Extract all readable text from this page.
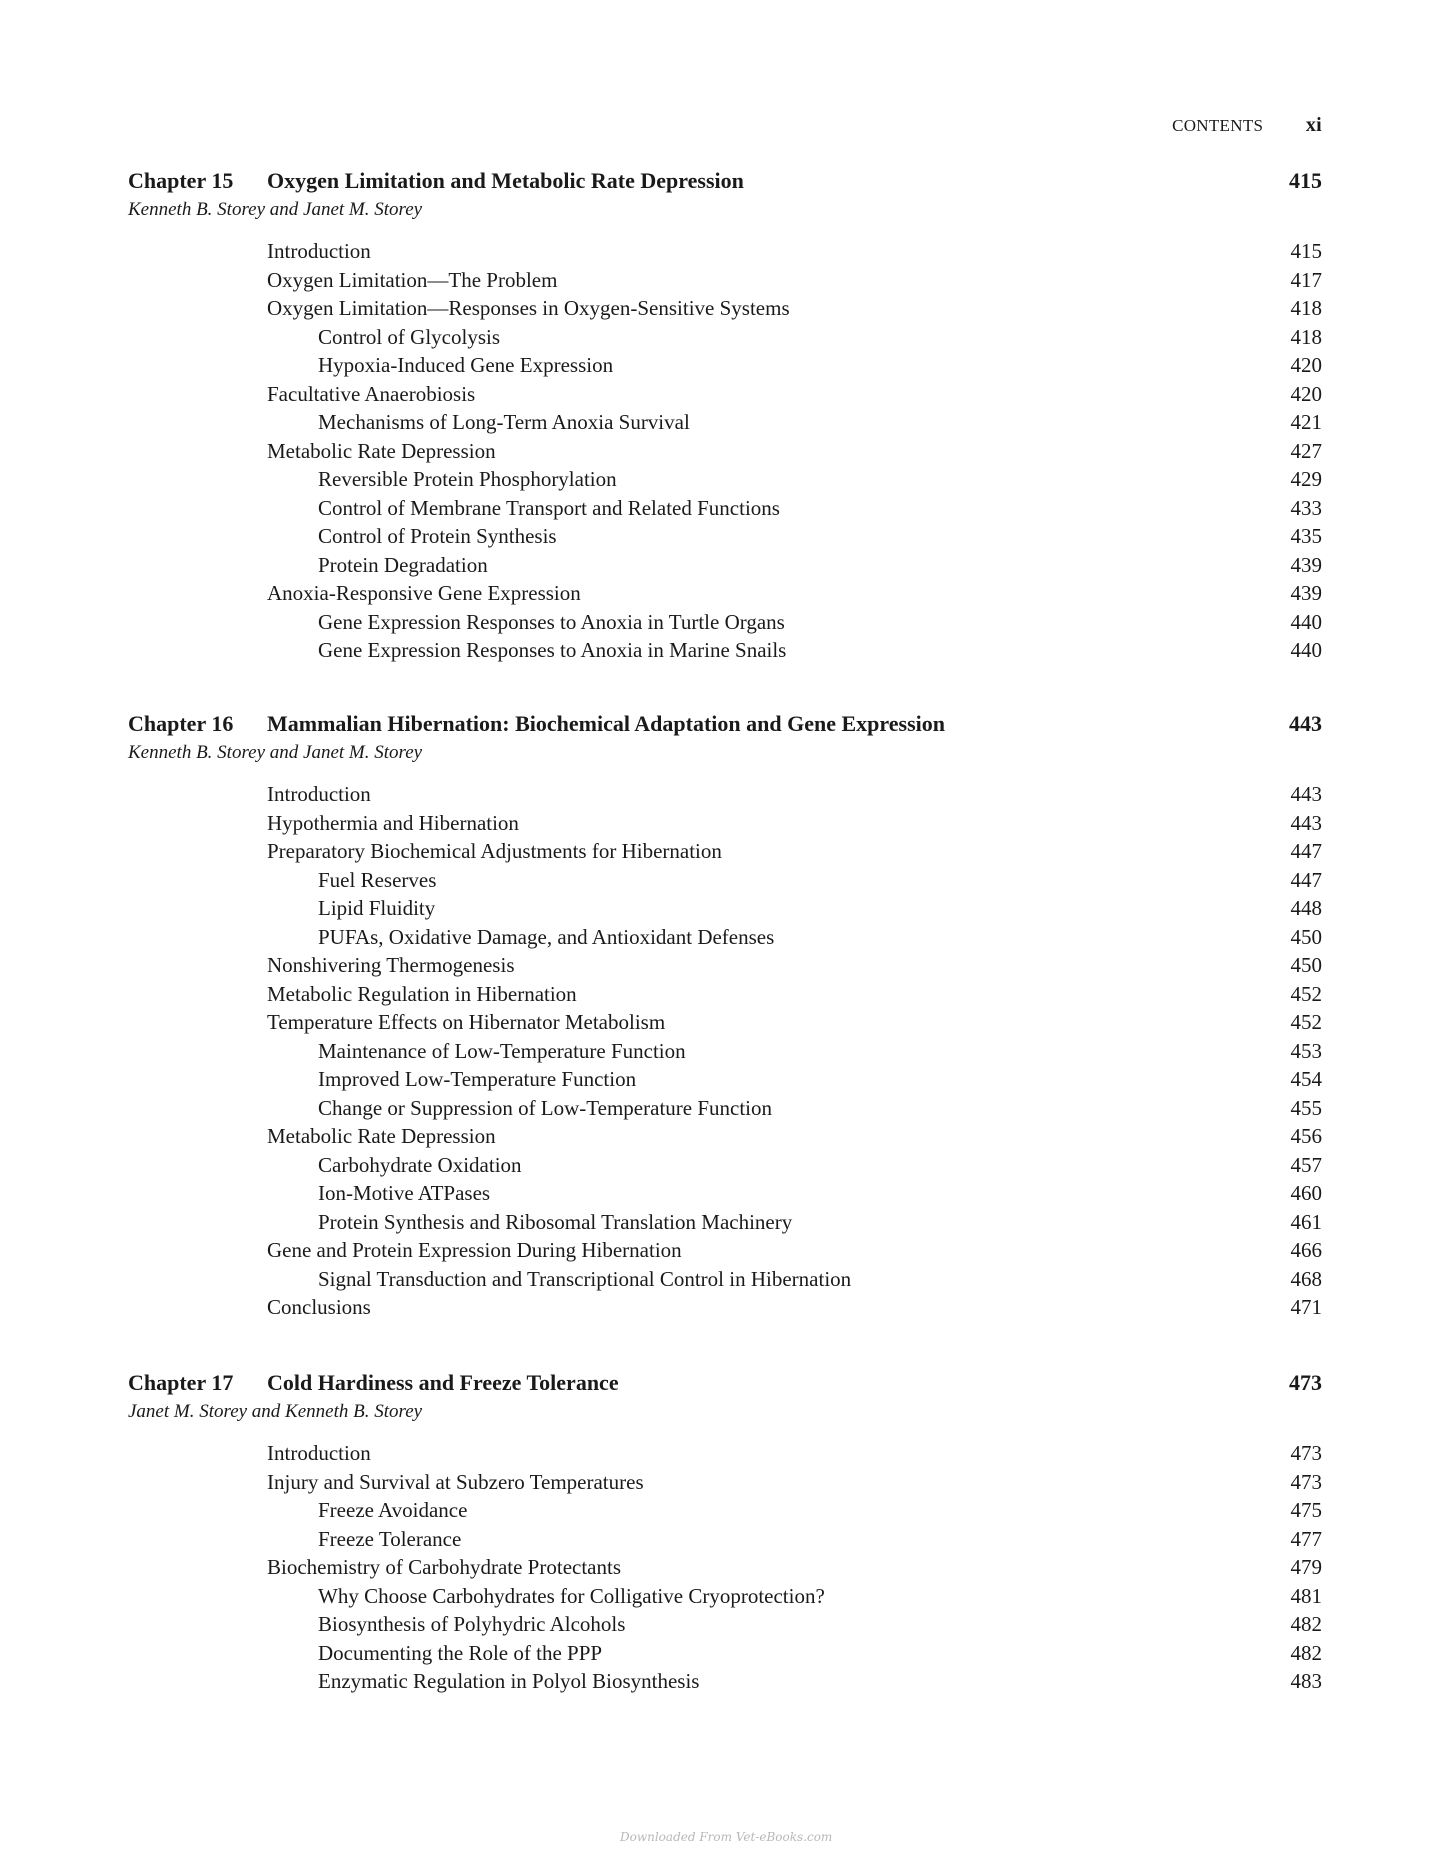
CONTENTS xi
Chapter 15 Oxygen Limitation and Metabolic Rate Depression	415
Kenneth B. Storey and Janet M. Storey
Introduction	415
Oxygen Limitation—The Problem	417
Oxygen Limitation—Responses in Oxygen-Sensitive Systems	418
Control of Glycolysis	418
Hypoxia-Induced Gene Expression	420
Facultative Anaerobiosis	420
Mechanisms of Long-Term Anoxia Survival	421
Metabolic Rate Depression	427
Reversible Protein Phosphorylation	429
Control of Membrane Transport and Related Functions	433
Control of Protein Synthesis	435
Protein Degradation	439
Anoxia-Responsive Gene Expression	439
Gene Expression Responses to Anoxia in Turtle Organs	440
Gene Expression Responses to Anoxia in Marine Snails	440
Chapter 16 Mammalian Hibernation: Biochemical Adaptation and Gene Expression	443
Kenneth B. Storey and Janet M. Storey
Introduction	443
Hypothermia and Hibernation	443
Preparatory Biochemical Adjustments for Hibernation	447
Fuel Reserves	447
Lipid Fluidity	448
PUFAs, Oxidative Damage, and Antioxidant Defenses	450
Nonshivering Thermogenesis	450
Metabolic Regulation in Hibernation	452
Temperature Effects on Hibernator Metabolism	452
Maintenance of Low-Temperature Function	453
Improved Low-Temperature Function	454
Change or Suppression of Low-Temperature Function	455
Metabolic Rate Depression	456
Carbohydrate Oxidation	457
Ion-Motive ATPases	460
Protein Synthesis and Ribosomal Translation Machinery	461
Gene and Protein Expression During Hibernation	466
Signal Transduction and Transcriptional Control in Hibernation	468
Conclusions	471
Chapter 17 Cold Hardiness and Freeze Tolerance	473
Janet M. Storey and Kenneth B. Storey
Introduction	473
Injury and Survival at Subzero Temperatures	473
Freeze Avoidance	475
Freeze Tolerance	477
Biochemistry of Carbohydrate Protectants	479
Why Choose Carbohydrates for Colligative Cryoprotection?	481
Biosynthesis of Polyhydric Alcohols	482
Documenting the Role of the PPP	482
Enzymatic Regulation in Polyol Biosynthesis	483
Downloaded From Vet-eBooks.com
